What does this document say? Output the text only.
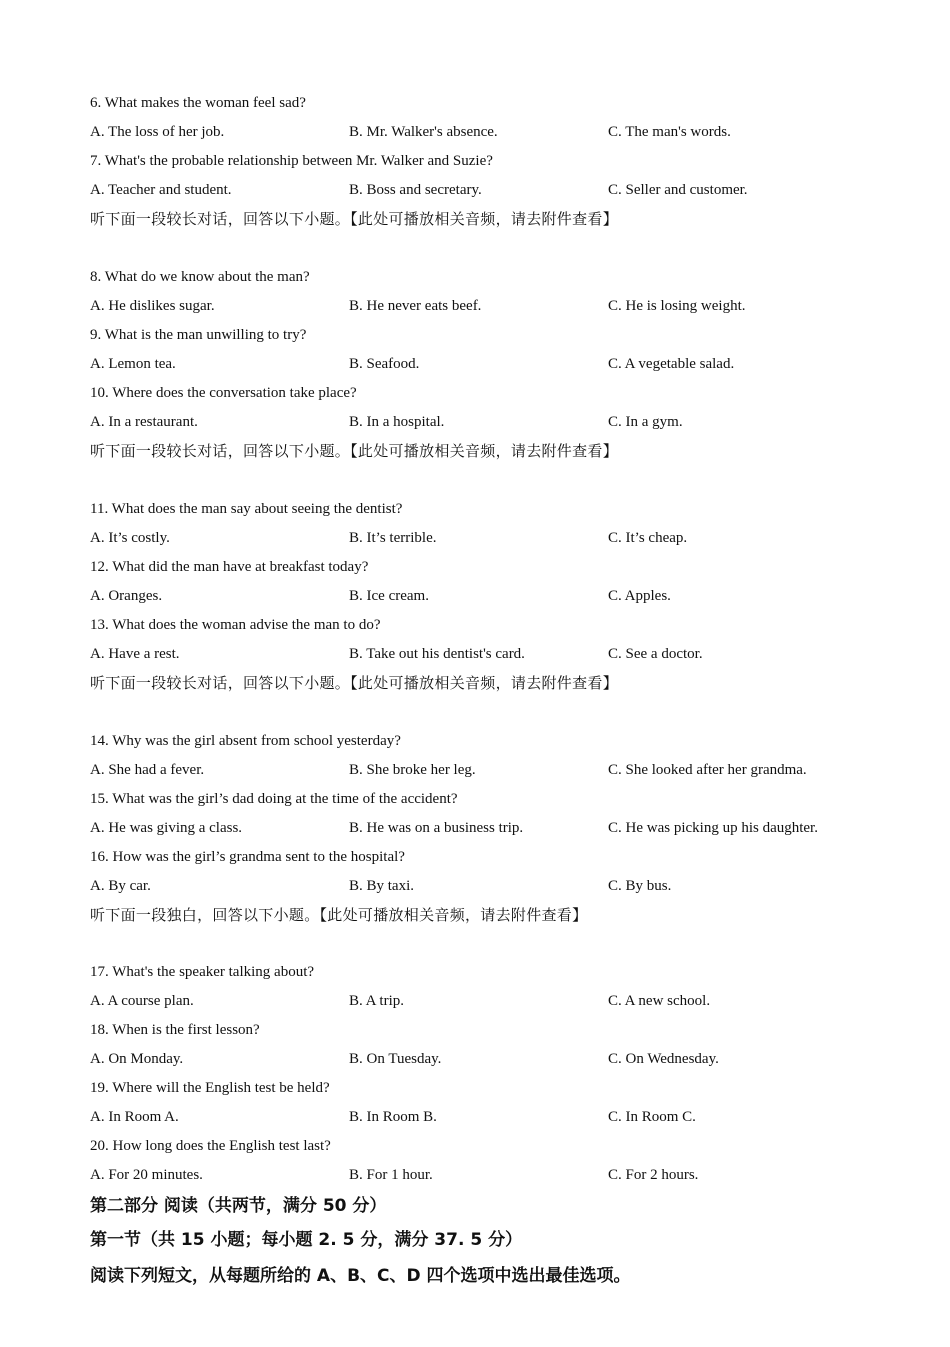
6. What makes the woman feel sad?
A. The loss of her job.	B. Mr. Walker's absence.	C. The man's words.
7. What's the probable relationship between Mr. Walker and Suzie?
A. Teacher and student.	B. Boss and secretary.	C. Seller and customer.
听下面一段较长对话，回答以下小题。【此处可播放相关音频，请去附件查看】
8. What do we know about the man?
A. He dislikes sugar.	B. He never eats beef.	C. He is losing weight.
9. What is the man unwilling to try?
A. Lemon tea.	B. Seafood.	C. A vegetable salad.
10. Where does the conversation take place?
A. In a restaurant.	B. In a hospital.	C. In a gym.
听下面一段较长对话，回答以下小题。【此处可播放相关音频，请去附件查看】
11. What does the man say about seeing the dentist?
A. It’s costly.	B. It’s terrible.	C. It’s cheap.
12. What did the man have at breakfast today?
A. Oranges.	B. Ice cream.	C. Apples.
13. What does the woman advise the man to do?
A. Have a rest.	B. Take out his dentist's card.	C. See a doctor.
听下面一段较长对话，回答以下小题。【此处可播放相关音频，请去附件查看】
14. Why was the girl absent from school yesterday?
A. She had a fever.	B. She broke her leg.	C. She looked after her grandma.
15. What was the girl’s dad doing at the time of the accident?
A. He was giving a class.	B. He was on a business trip.	C. He was picking up his daughter.
16. How was the girl’s grandma sent to the hospital?
A. By car.	B. By taxi.	C. By bus.
听下面一段独白，回答以下小题。【此处可播放相关音频，请去附件查看】
17. What's the speaker talking about?
A. A course plan.	B. A trip.	C. A new school.
18. When is the first lesson?
A. On Monday.	B. On Tuesday.	C. On Wednesday.
19. Where will the English test be held?
A. In Room A.	B. In Room B.	C. In Room C.
20. How long does the English test last?
A. For 20 minutes.	B. For 1 hour.	C. For 2 hours.
第二部分 阅读（共两节，满分 50 分）
第一节（共 15 小题；每小题 2. 5 分，满分 37. 5 分）
阅读下列短文，从每题所给的 A、B、C、D 四个选项中选出最佳选项。
